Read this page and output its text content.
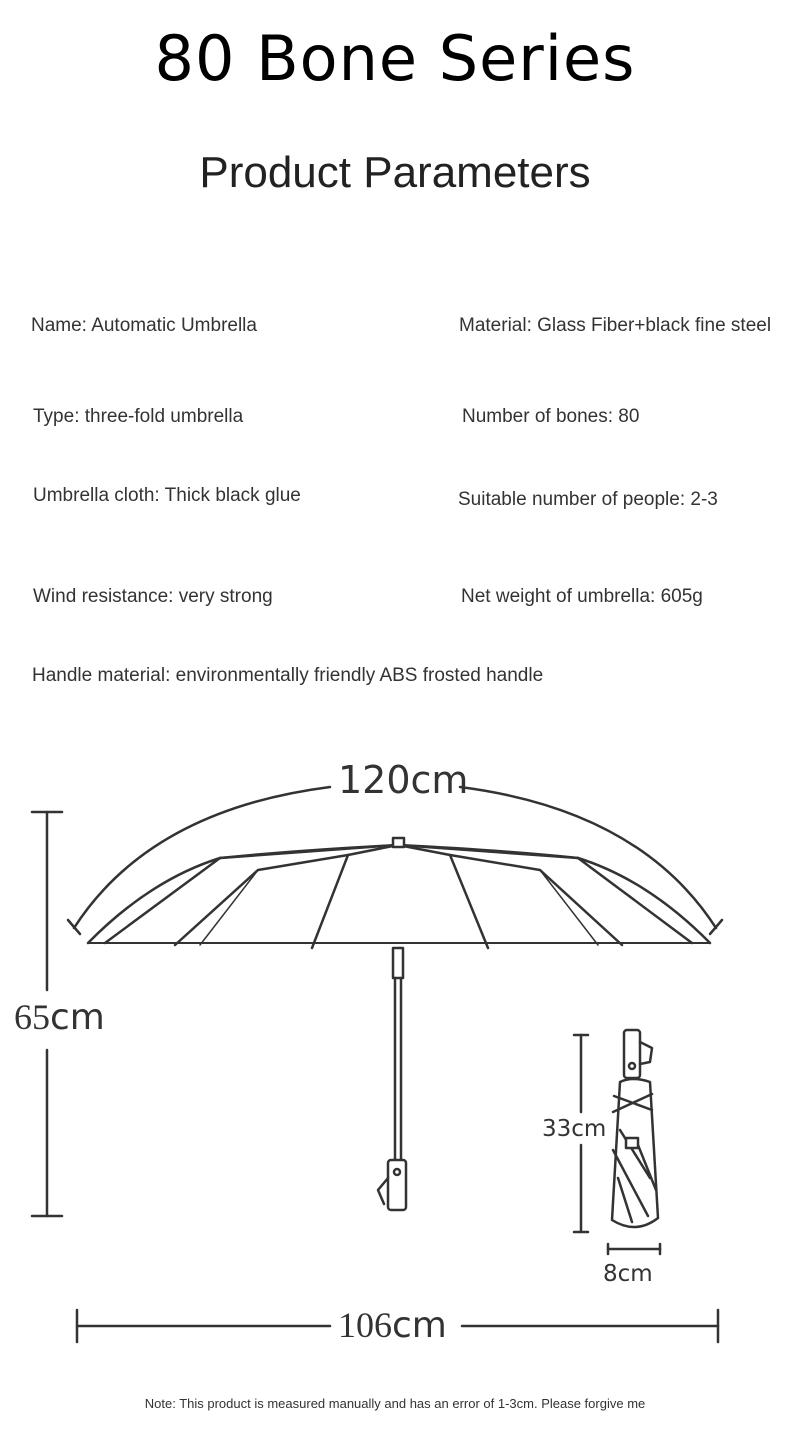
80 Bone Series
Product Parameters
Name: Automatic Umbrella	Material: Glass Fiber+black fine steel
Type: three-fold umbrella	Number of bones: 80
Umbrella cloth: Thick black glue	Suitable number of people: 2-3
Wind resistance: very strong	Net weight of umbrella: 605g
Handle material: environmentally friendly ABS frosted handle
120cm
65cm
33cm
8cm
106cm
Note: This product is measured manually and has an error of 1-3cm. Please forgive me
